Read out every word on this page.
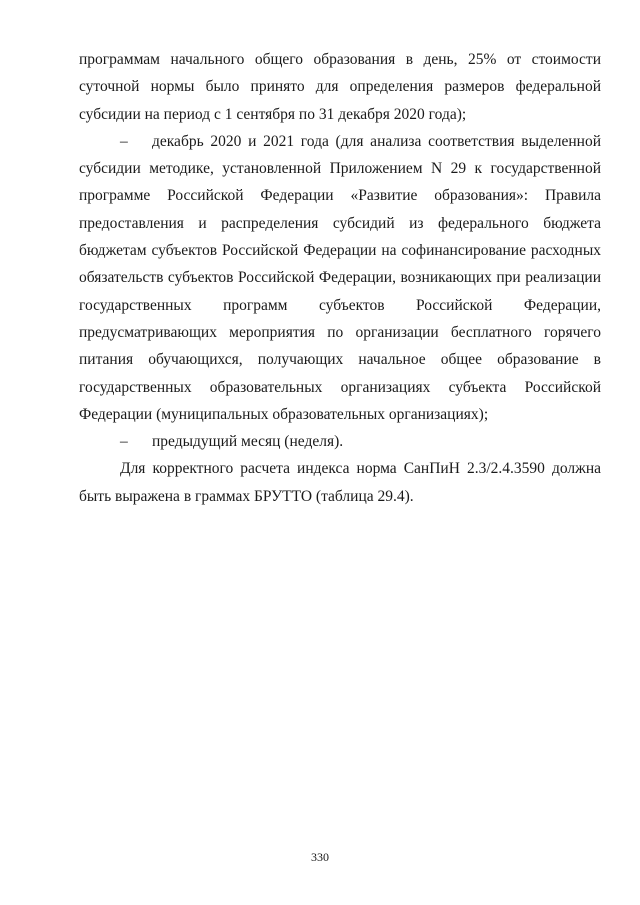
программам начального общего образования в день, 25% от стоимости суточной нормы было принято для определения размеров федеральной субсидии на период с 1 сентября по 31 декабря 2020 года);

– декабрь 2020 и 2021 года (для анализа соответствия выделенной субсидии методике, установленной Приложением N 29 к государственной программе Российской Федерации «Развитие образования»: Правила предоставления и распределения субсидий из федерального бюджета бюджетам субъектов Российской Федерации на софинансирование расходных обязательств субъектов Российской Федерации, возникающих при реализации государственных программ субъектов Российской Федерации, предусматривающих мероприятия по организации бесплатного горячего питания обучающихся, получающих начальное общее образование в государственных образовательных организациях субъекта Российской Федерации (муниципальных образовательных организациях);

– предыдущий месяц (неделя).

Для корректного расчета индекса норма СанПиН 2.3/2.4.3590 должна быть выражена в граммах БРУТТО (таблица 29.4).

330
